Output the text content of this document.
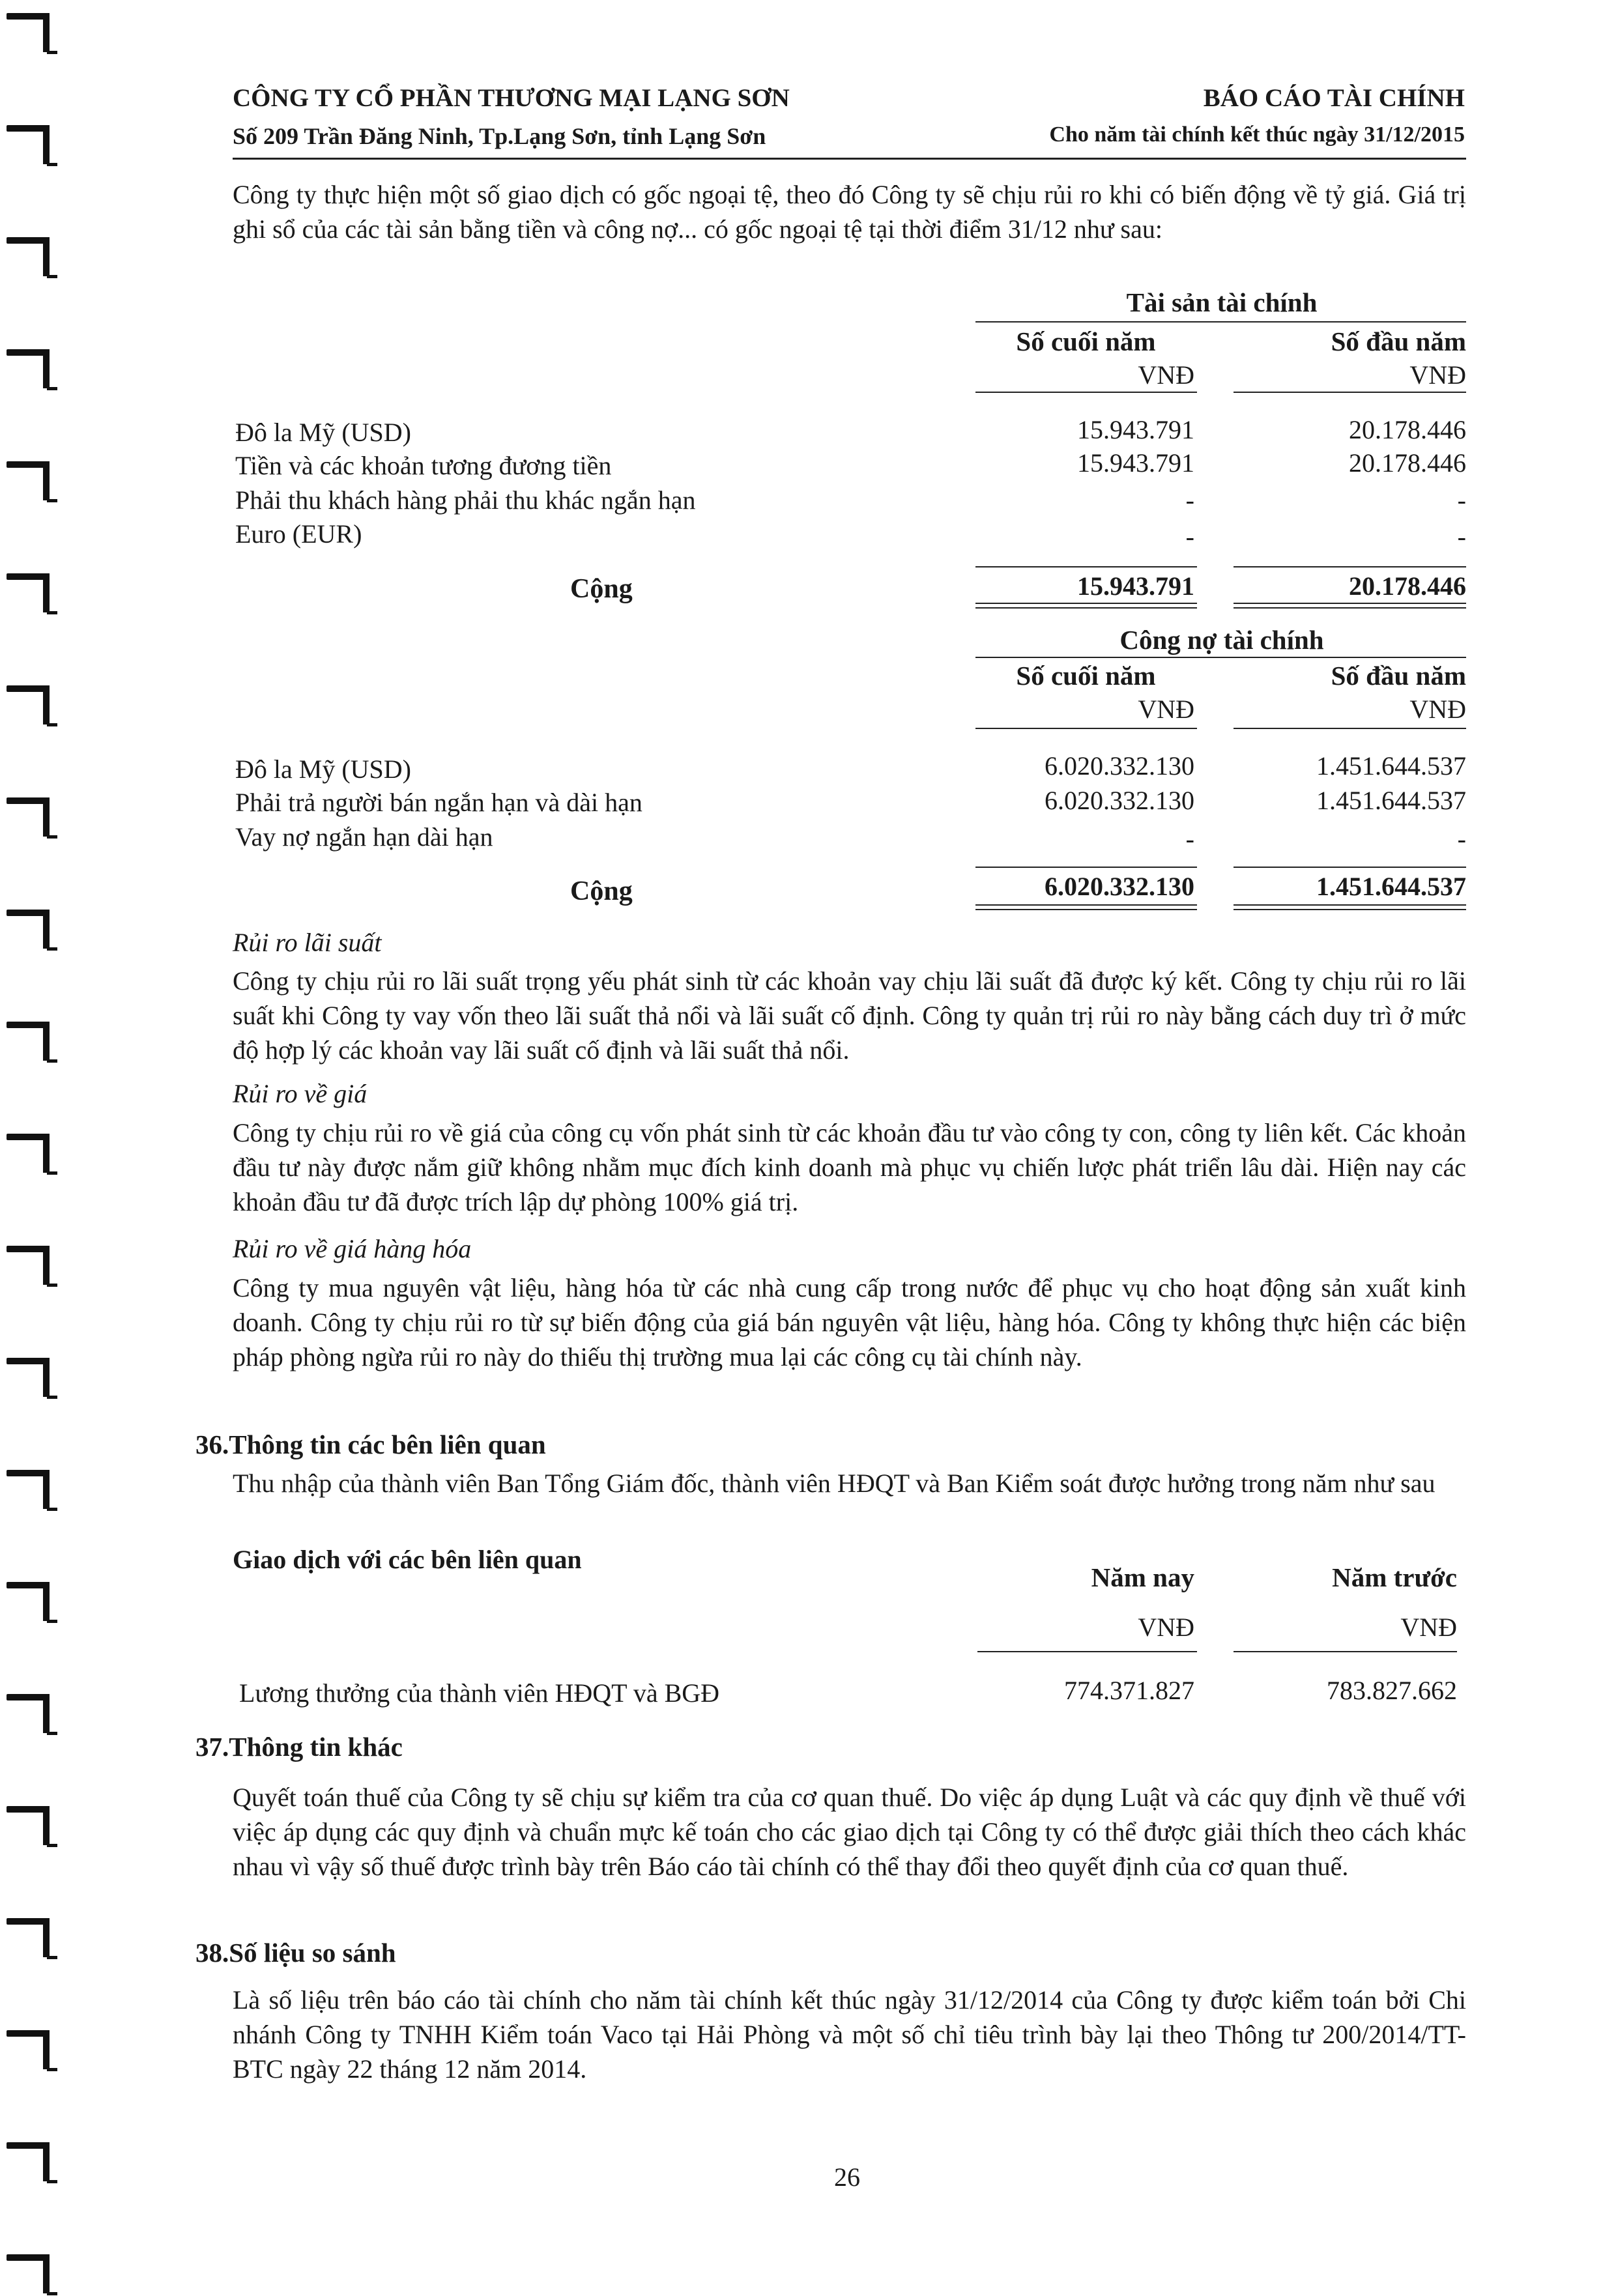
CÔNG TY CỔ PHẦN THƯƠNG MẠI LẠNG SƠN
Số 209 Trần Đăng Ninh, Tp.Lạng Sơn, tỉnh Lạng Sơn
BÁO CÁO TÀI CHÍNH
Cho năm tài chính kết thúc ngày 31/12/2015
Công ty thực hiện một số giao dịch có gốc ngoại tệ, theo đó Công ty sẽ chịu rủi ro khi có biến động về tỷ giá. Giá trị ghi sổ của các tài sản bằng tiền và công nợ... có gốc ngoại tệ tại thời điểm 31/12 như sau:
Tài sản tài chính
Số cuối năm	Số đầu năm
VNĐ	VNĐ
Đô la Mỹ (USD)	15.943.791	20.178.446
Tiền và các khoản tương đương tiền	15.943.791	20.178.446
Phải thu khách hàng phải thu khác ngắn hạn	-	-
Euro (EUR)	-	-
Cộng	15.943.791	20.178.446
Công nợ tài chính
Số cuối năm	Số đầu năm
VNĐ	VNĐ
Đô la Mỹ (USD)	6.020.332.130	1.451.644.537
Phải trả người bán ngắn hạn và dài hạn	6.020.332.130	1.451.644.537
Vay nợ ngắn hạn dài hạn	-	-
Cộng	6.020.332.130	1.451.644.537
Rủi ro lãi suất
Công ty chịu rủi ro lãi suất trọng yếu phát sinh từ các khoản vay chịu lãi suất đã được ký kết. Công ty chịu rủi ro lãi suất khi Công ty vay vốn theo lãi suất thả nổi và lãi suất cố định. Công ty quản trị rủi ro này bằng cách duy trì ở mức độ hợp lý các khoản vay lãi suất cố định và lãi suất thả nổi.
Rủi ro về giá
Công ty chịu rủi ro về giá của công cụ vốn phát sinh từ các khoản đầu tư vào công ty con, công ty liên kết. Các khoản đầu tư này được nắm giữ không nhằm mục đích kinh doanh mà phục vụ chiến lược phát triển lâu dài. Hiện nay các khoản đầu tư đã được trích lập dự phòng 100% giá trị.
Rủi ro về giá hàng hóa
Công ty mua nguyên vật liệu, hàng hóa từ các nhà cung cấp trong nước để phục vụ cho hoạt động sản xuất kinh doanh. Công ty chịu rủi ro từ sự biến động của giá bán nguyên vật liệu, hàng hóa. Công ty không thực hiện các biện pháp phòng ngừa rủi ro này do thiếu thị trường mua lại các công cụ tài chính này.
36.Thông tin các bên liên quan
Thu nhập của thành viên Ban Tổng Giám đốc, thành viên HĐQT và Ban Kiểm soát được hưởng trong năm như sau
Giao dịch với các bên liên quan
Năm nay	Năm trước
VNĐ	VNĐ
Lương thưởng của thành viên HĐQT và BGĐ	774.371.827	783.827.662
37.Thông tin khác
Quyết toán thuế của Công ty sẽ chịu sự kiểm tra của cơ quan thuế. Do việc áp dụng Luật và các quy định về thuế với việc áp dụng các quy định và chuẩn mực kế toán cho các giao dịch tại Công ty có thể được giải thích theo cách khác nhau vì vậy số thuế được trình bày trên Báo cáo tài chính có thể thay đổi theo quyết định của cơ quan thuế.
38.Số liệu so sánh
Là số liệu trên báo cáo tài chính cho năm tài chính kết thúc ngày 31/12/2014 của Công ty được kiểm toán bởi Chi nhánh Công ty TNHH Kiểm toán Vaco tại Hải Phòng và một số chỉ tiêu trình bày lại theo Thông tư 200/2014/TT-BTC ngày 22 tháng 12 năm 2014.
26
